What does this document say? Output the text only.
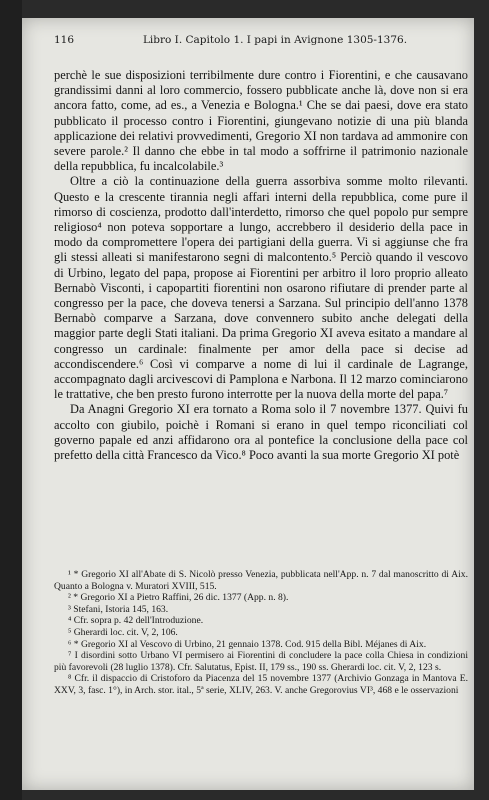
116	Libro I. Capitolo 1. I papi in Avignone 1305-1376.

perchè le sue disposizioni terribilmente dure contro i Fiorentini, e che causavano grandissimi danni al loro commercio, fossero pubblicate anche là, dove non si era ancora fatto, come, ad es., a Venezia e Bologna.¹ Che se dai paesi, dove era stato pubblicato il processo contro i Fiorentini, giungevano notizie di una più blanda applicazione dei relativi provvedimenti, Gregorio XI non tardava ad ammonire con severe parole.² Il danno che ebbe in tal modo a soffrirne il patrimonio nazionale della repubblica, fu incalcolabile.³

Oltre a ciò la continuazione della guerra assorbiva somme molto rilevanti. Questo e la crescente tirannia negli affari interni della repubblica, come pure il rimorso di coscienza, prodotto dall'interdetto, rimorso che quel popolo pur sempre religioso⁴ non poteva sopportare a lungo, accrebbero il desiderio della pace in modo da compromettere l'opera dei partigiani della guerra. Vi si aggiunse che fra gli stessi alleati si manifestarono segni di malcontento.⁵ Perciò quando il vescovo di Urbino, legato del papa, propose ai Fiorentini per arbitro il loro proprio alleato Bernabò Visconti, i capopartiti fiorentini non osarono rifiutare di prender parte al congresso per la pace, che doveva tenersi a Sarzana. Sul principio dell'anno 1378 Bernabò comparve a Sarzana, dove convennero subito anche delegati della maggior parte degli Stati italiani. Da prima Gregorio XI aveva esitato a mandare al congresso un cardinale: finalmente per amor della pace si decise ad accondiscendere.⁶ Così vi comparve a nome di lui il cardinale de Lagrange, accompagnato dagli arcivescovi di Pamplona e Narbona. Il 12 marzo cominciarono le trattative, che ben presto furono interrotte per la nuova della morte del papa.⁷

Da Anagni Gregorio XI era tornato a Roma solo il 7 novembre 1377. Quivi fu accolto con giubilo, poichè i Romani si erano in quel tempo riconciliati col governo papale ed anzi affidarono ora al pontefice la conclusione della pace col prefetto della città Francesco da Vico.⁸ Poco avanti la sua morte Gregorio XI potè

¹ * Gregorio XI all'Abate di S. Nicolò presso Venezia, pubblicata nell'App. n. 7 dal manoscritto di Aix. Quanto a Bologna v. Muratori XVIII, 515.

² * Gregorio XI a Pietro Raffini, 26 dic. 1377 (App. n. 8).

³ Stefani, Istoria 145, 163.

⁴ Cfr. sopra p. 42 dell'Introduzione.

⁵ Gherardi loc. cit. V, 2, 106.

⁶ * Gregorio XI al Vescovo di Urbino, 21 gennaio 1378. Cod. 915 della Bibl. Méjanes di Aix.

⁷ I disordini sotto Urbano VI permisero ai Fiorentini di concludere la pace colla Chiesa in condizioni più favorevoli (28 luglio 1378). Cfr. Salutatus, Epist. II, 179 ss., 190 ss. Gherardi loc. cit. V, 2, 123 s.

⁸ Cfr. il dispaccio di Cristoforo da Piacenza del 15 novembre 1377 (Archivio Gonzaga in Mantova E. XXV, 3, fasc. 1°), in Arch. stor. ital., 5ª serie, XLIV, 263. V. anche Gregorovius VI³, 468 e le osservazioni
